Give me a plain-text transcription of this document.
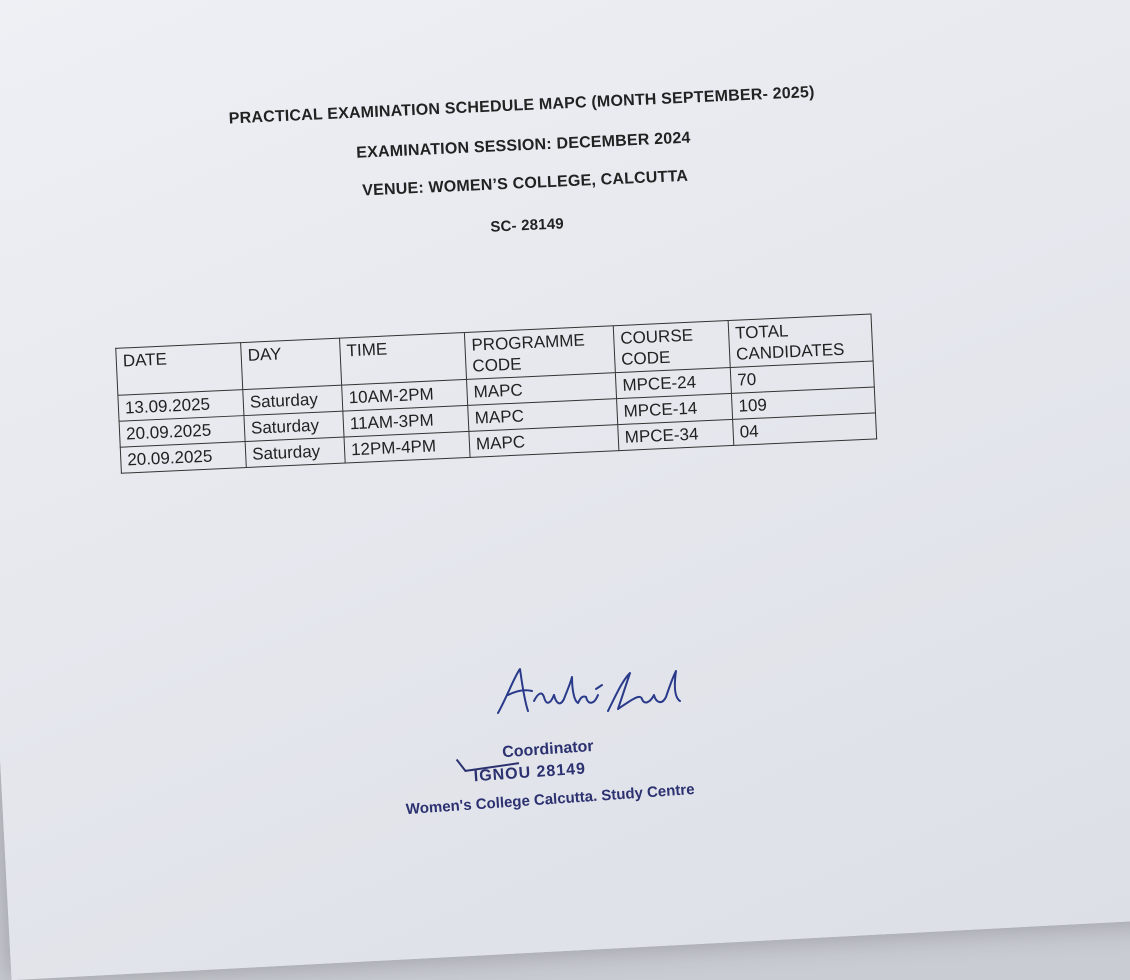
PRACTICAL EXAMINATION SCHEDULE MAPC (MONTH SEPTEMBER- 2025)
EXAMINATION SESSION: DECEMBER 2024
VENUE: WOMEN’S COLLEGE, CALCUTTA
SC- 28149
DATE	DAY	TIME	PROGRAMME CODE	COURSE CODE	TOTAL CANDIDATES
13.09.2025	Saturday	10AM-2PM	MAPC	MPCE-24	70
20.09.2025	Saturday	11AM-3PM	MAPC	MPCE-14	109
20.09.2025	Saturday	12PM-4PM	MAPC	MPCE-34	04
Coordinator
IGNOU 28149
Women's College Calcutta. Study Centre
